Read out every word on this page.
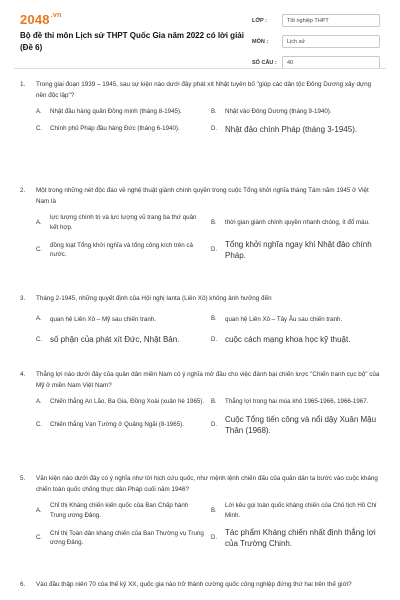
$2048^{.vn}$
Bộ đề thi môn Lịch sử THPT Quốc Gia năm 2022 có lời giải (Đề 6)
LỚP :	Tốt nghiệp THPT
MÔN :	Lịch sử
SỐ CÂU :	40
1.	Trong giai đoạn 1939 – 1945, sau sự kiện nào dưới đây phát xít Nhật tuyên bố "giúp các dân tộc Đông Dương xây dựng nền độc lập"?
A.	Nhật đầu hàng quân Đồng minh (tháng 8-1945).	B.	Nhật vào Đông Dương (tháng 9-1940).
C.	Chính phủ Pháp đầu hàng Đức (tháng 6-1940).	D.	Nhật đảo chính Pháp (tháng 3-1945).
2.	Một trong những nét độc đáo về nghệ thuật giành chính quyền trong cuộc Tổng khởi nghĩa tháng Tám năm 1945 ở Việt Nam là
A.
lực lượng chính trị và lực lượng vũ trang ba thứ quân kết hợp.
B.	thời gian giành chính quyền nhanh chóng, ít đổ máu.
C.
đồng loạt Tổng khởi nghĩa và tổng công kích trên cả nước.
D.
Tổng khởi nghĩa ngay khi Nhật đảo chính Pháp.
3.	Tháng 2-1945, những quyết định của Hội nghị Ianta (Liên Xô) không ảnh hưởng đến
A.	quan hệ Liên Xô – Mỹ sau chiến tranh.	B.	quan hệ Liên Xô – Tây Âu sau chiến tranh.
C.	số phận của phát xít Đức, Nhật Bản.	D.	cuộc cách mạng khoa học kỹ thuật.
4.	Thắng lợi nào dưới đây của quân dân miền Nam có ý nghĩa mở đầu cho việc đánh bại chiến lược "Chiến tranh cục bộ" của Mỹ ở miền Nam Việt Nam?
A.	Chiến thắng An Lão, Ba Gia, Đồng Xoài (xuân hè 1965). B.	Thắng lợi trong hai mùa khô 1965-1966, 1966-1967.
C.	Chiến thắng Vạn Tường ở Quảng Ngãi (8-1965).	D.
Cuộc Tổng tiến công và nổi dậy Xuân Mậu Thân (1968).
5.	Văn kiện nào dưới đây có ý nghĩa như lời hịch cứu quốc, như mệnh lệnh chiến đấu của quân dân ta bước vào cuộc kháng chiến toàn quốc chống thực dân Pháp cuối năm 1946?
A.
Chỉ thị Kháng chiến kiến quốc của Ban Chấp hành Trung ương Đảng.
B.
Lời kêu gọi toàn quốc kháng chiến của Chủ tịch Hồ Chí Minh.
C.
Chỉ thị Toàn dân kháng chiến của Ban Thường vụ Trung ương Đảng.
D.
Tác phẩm Kháng chiến nhất định thắng lợi của Trường Chinh.
6.	Vào đầu thập niên 70 của thế kỷ XX, quốc gia nào trở thành cường quốc công nghiệp đứng thứ hai trên thế giới?
